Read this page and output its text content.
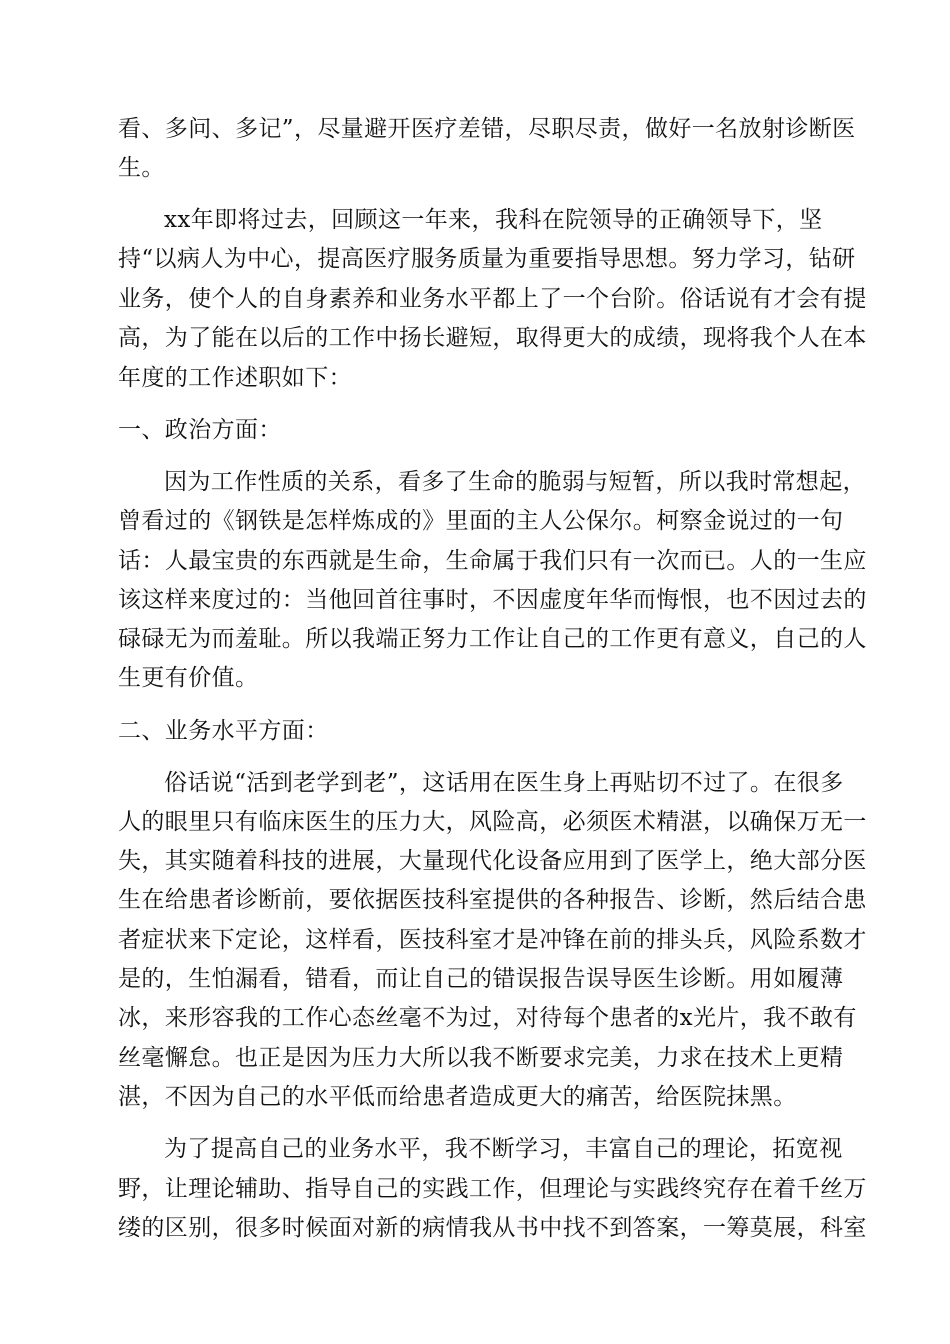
看、多问、多记”，尽量避开医疗差错，尽职尽责，做好一名放射诊断医
生。
xx年即将过去，回顾这一年来，我科在院领导的正确领导下，坚
持“以病人为中心，提高医疗服务质量为重要指导思想。努力学习，钻研
业务，使个人的自身素养和业务水平都上了一个台阶。俗话说有才会有提
高，为了能在以后的工作中扬长避短，取得更大的成绩，现将我个人在本
年度的工作述职如下：
一、政治方面：
因为工作性质的关系，看多了生命的脆弱与短暂，所以我时常想起，
曾看过的《钢铁是怎样炼成的》里面的主人公保尔。柯察金说过的一句
话：人最宝贵的东西就是生命，生命属于我们只有一次而已。人的一生应
该这样来度过的：当他回首往事时，不因虚度年华而悔恨，也不因过去的
碌碌无为而羞耻。所以我端正努力工作让自己的工作更有意义，自己的人
生更有价值。
二、业务水平方面：
俗话说“活到老学到老”，这话用在医生身上再贴切不过了。在很多
人的眼里只有临床医生的压力大，风险高，必须医术精湛，以确保万无一
失，其实随着科技的进展，大量现代化设备应用到了医学上，绝大部分医
生在给患者诊断前，要依据医技科室提供的各种报告、诊断，然后结合患
者症状来下定论，这样看，医技科室才是冲锋在前的排头兵，风险系数才
是的，生怕漏看，错看，而让自己的错误报告误导医生诊断。用如履薄
冰，来形容我的工作心态丝毫不为过，对待每个患者的x光片，我不敢有
丝毫懈怠。也正是因为压力大所以我不断要求完美，力求在技术上更精
湛，不因为自己的水平低而给患者造成更大的痛苦，给医院抹黑。
为了提高自己的业务水平，我不断学习，丰富自己的理论，拓宽视
野，让理论辅助、指导自己的实践工作，但理论与实践终究存在着千丝万
缕的区别，很多时候面对新的病情我从书中找不到答案，一筹莫展，科室
